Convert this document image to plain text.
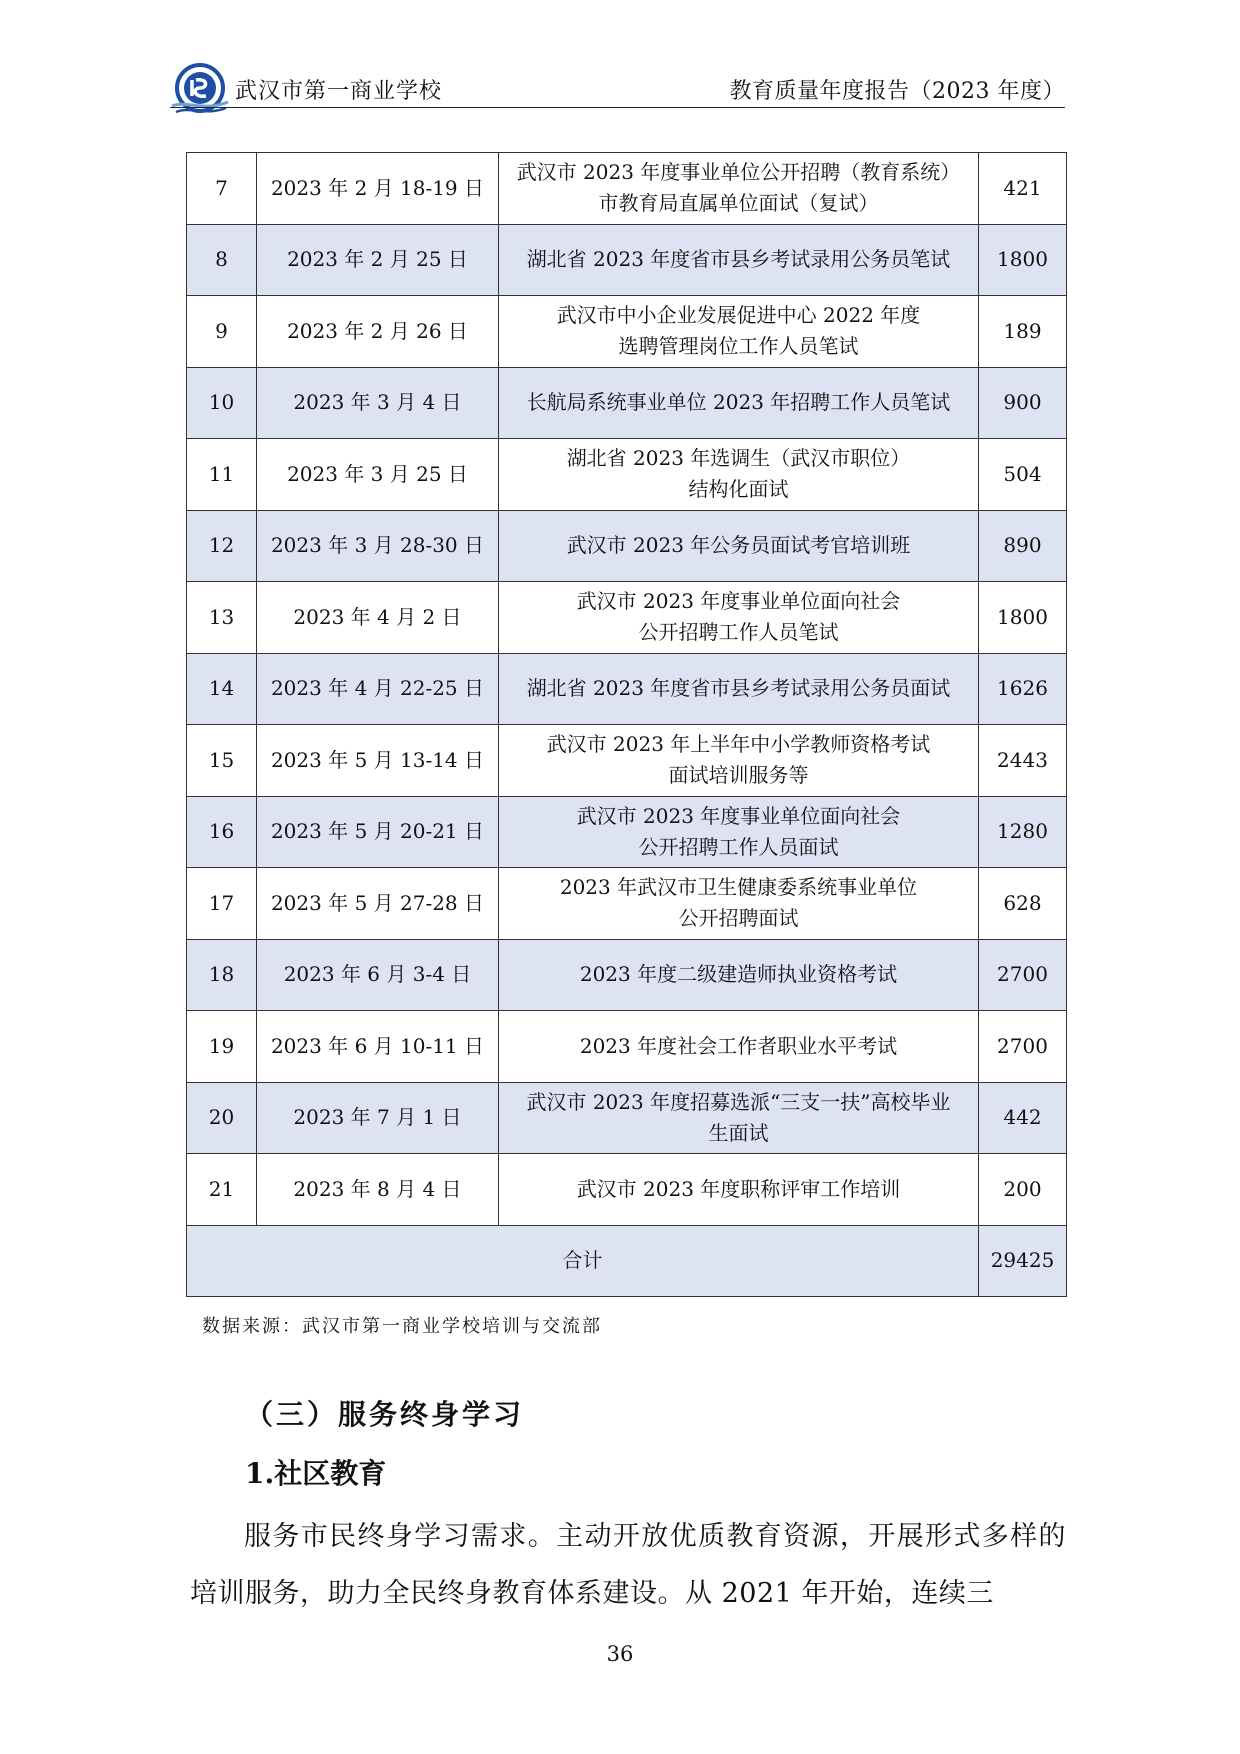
武汉市第一商业学校	教育质量年度报告（2023 年度）
7	2023 年 2 月 18-19 日	武汉市 2023 年度事业单位公开招聘（教育系统）
市教育局直属单位面试（复试）	421
8	2023 年 2 月 25 日	湖北省 2023 年度省市县乡考试录用公务员笔试	1800
9	2023 年 2 月 26 日	武汉市中小企业发展促进中心 2022 年度
选聘管理岗位工作人员笔试	189
10	2023 年 3 月 4 日	长航局系统事业单位 2023 年招聘工作人员笔试	900
11	2023 年 3 月 25 日	湖北省 2023 年选调生（武汉市职位）
结构化面试	504
12	2023 年 3 月 28-30 日	武汉市 2023 年公务员面试考官培训班	890
13	2023 年 4 月 2 日	武汉市 2023 年度事业单位面向社会
公开招聘工作人员笔试	1800
14	2023 年 4 月 22-25 日	湖北省 2023 年度省市县乡考试录用公务员面试	1626
15	2023 年 5 月 13-14 日	武汉市 2023 年上半年中小学教师资格考试
面试培训服务等	2443
16	2023 年 5 月 20-21 日	武汉市 2023 年度事业单位面向社会
公开招聘工作人员面试	1280
17	2023 年 5 月 27-28 日	2023 年武汉市卫生健康委系统事业单位
公开招聘面试	628
18	2023 年 6 月 3-4 日	2023 年度二级建造师执业资格考试	2700
19	2023 年 6 月 10-11 日	2023 年度社会工作者职业水平考试	2700
20	2023 年 7 月 1 日	武汉市 2023 年度招募选派“三支一扶”高校毕业
生面试	442
21	2023 年 8 月 4 日	武汉市 2023 年度职称评审工作培训	200
合计			29425
数据来源：武汉市第一商业学校培训与交流部
（三）服务终身学习
1.社区教育

服务市民终身学习需求。主动开放优质教育资源，开展形式多样的培训服务，助力全民终身教育体系建设。从 2021 年开始，连续三

36
